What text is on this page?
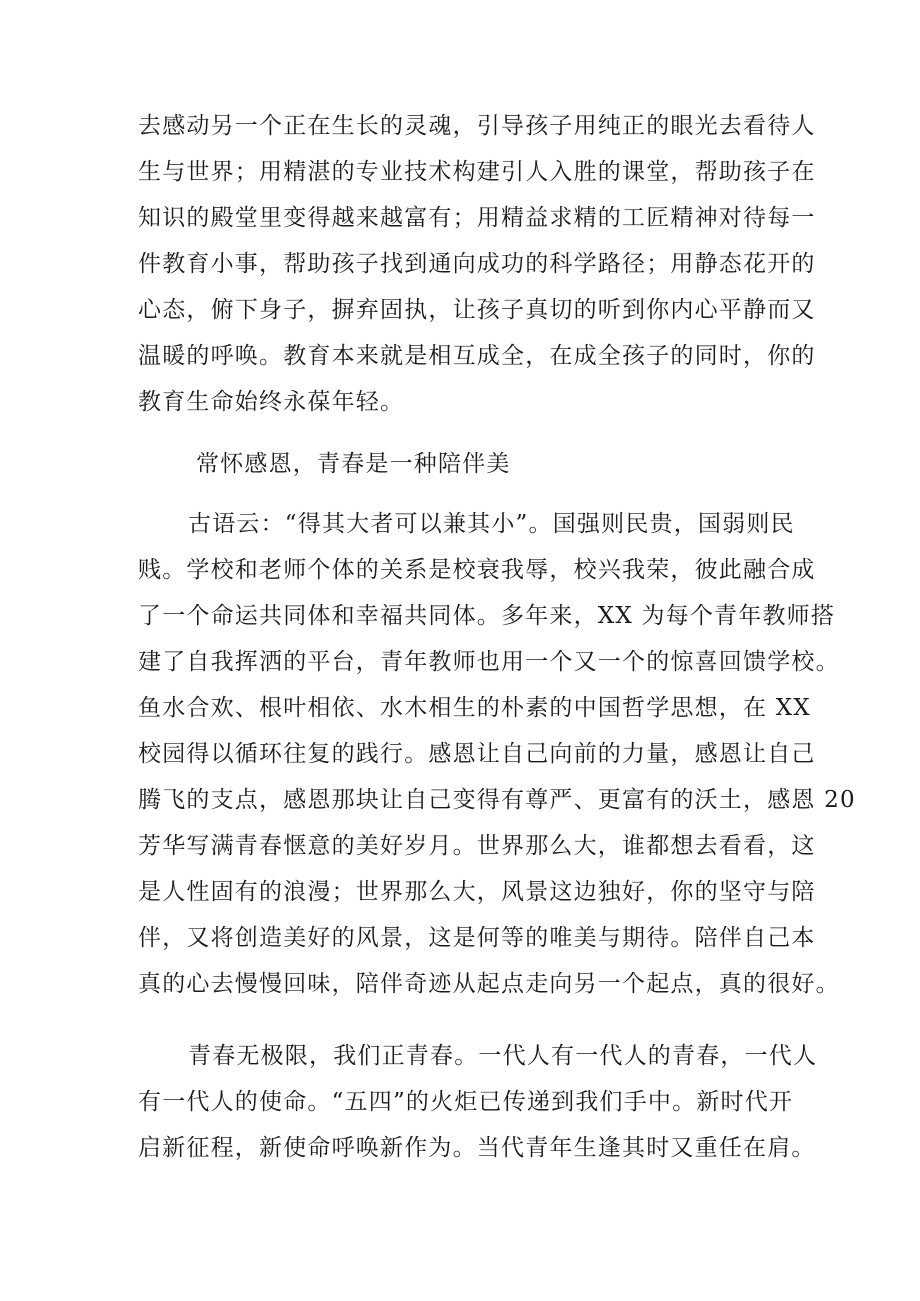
去感动另一个正在生长的灵魂，引导孩子用纯正的眼光去看待人
生与世界；用精湛的专业技术构建引人入胜的课堂，帮助孩子在
知识的殿堂里变得越来越富有；用精益求精的工匠精神对待每一
件教育小事，帮助孩子找到通向成功的科学路径；用静态花开的
心态，俯下身子，摒弃固执，让孩子真切的听到你内心平静而又
温暖的呼唤。教育本来就是相互成全，在成全孩子的同时，你的
教育生命始终永葆年轻。
常怀感恩，青春是一种陪伴美
古语云：“得其大者可以兼其小”。国强则民贵，国弱则民
贱。学校和老师个体的关系是校衰我辱，校兴我荣，彼此融合成
了一个命运共同体和幸福共同体。多年来，XX 为每个青年教师搭
建了自我挥洒的平台，青年教师也用一个又一个的惊喜回馈学校。
鱼水合欢、根叶相依、水木相生的朴素的中国哲学思想，在 XX
校园得以循环往复的践行。感恩让自己向前的力量，感恩让自己
腾飞的支点，感恩那块让自己变得有尊严、更富有的沃土，感恩 20
芳华写满青春惬意的美好岁月。世界那么大，谁都想去看看，这
是人性固有的浪漫；世界那么大，风景这边独好，你的坚守与陪
伴，又将创造美好的风景，这是何等的唯美与期待。陪伴自己本
真的心去慢慢回味，陪伴奇迹从起点走向另一个起点，真的很好。
青春无极限，我们正青春。一代人有一代人的青春，一代人
有一代人的使命。“五四”的火炬已传递到我们手中。新时代开
启新征程，新使命呼唤新作为。当代青年生逢其时又重任在肩。
